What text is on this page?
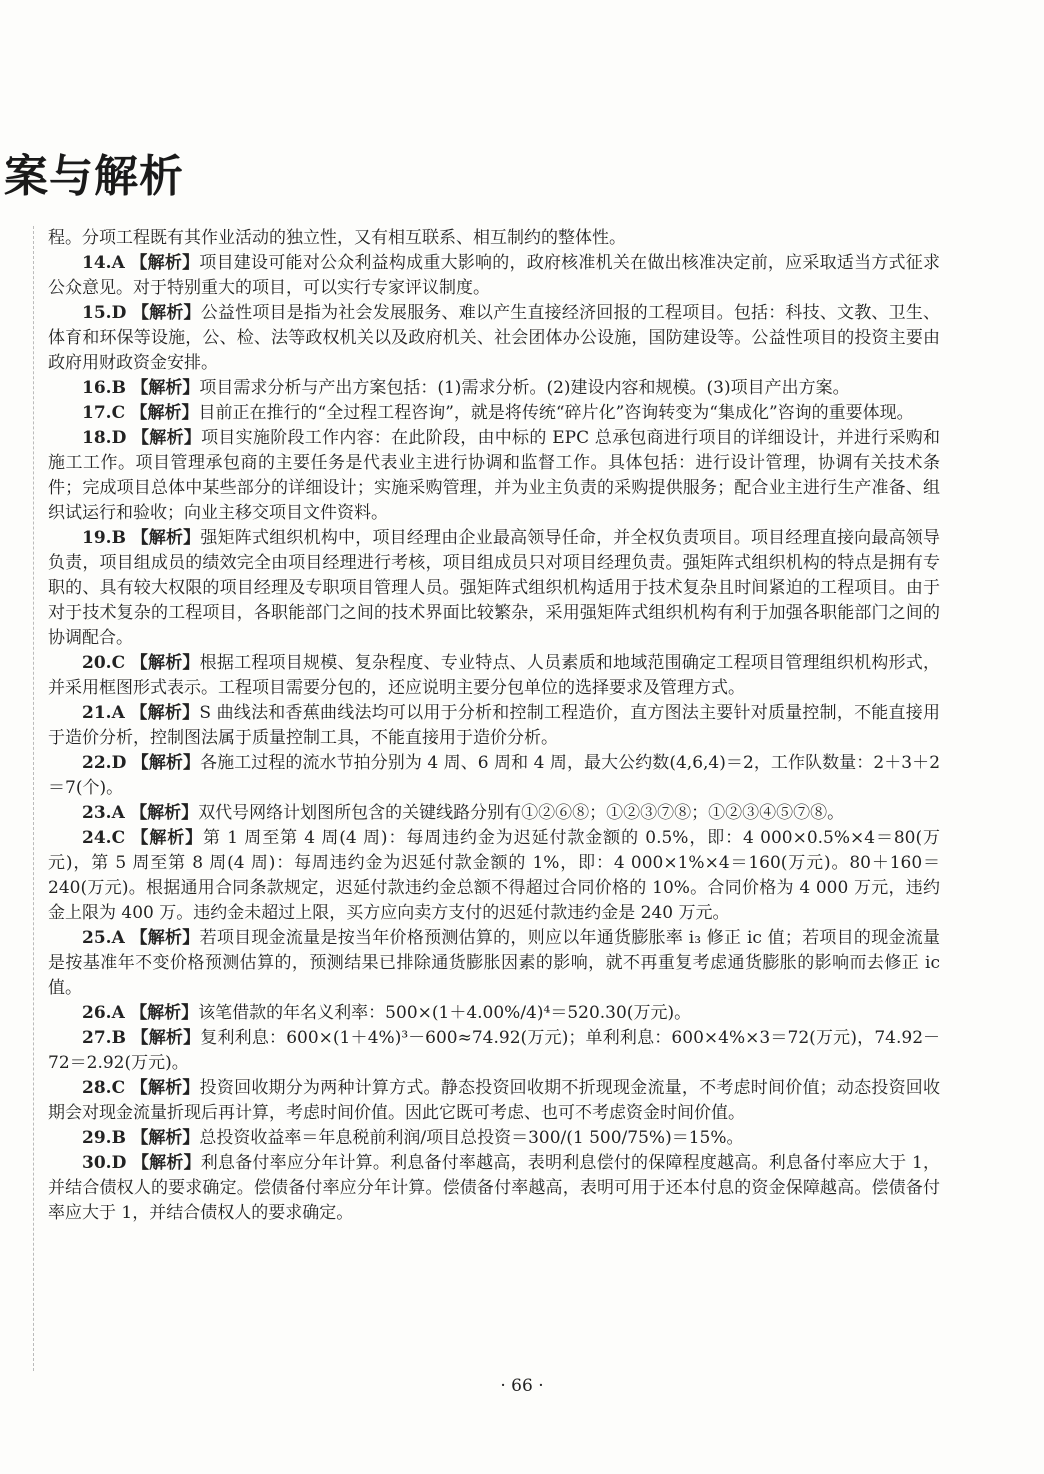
案与解析

程。分项工程既有其作业活动的独立性，又有相互联系、相互制约的整体性。

14.A 【解析】项目建设可能对公众利益构成重大影响的，政府核准机关在做出核准决定前，应采取适当方式征求公众意见。对于特别重大的项目，可以实行专家评议制度。

15.D 【解析】公益性项目是指为社会发展服务、难以产生直接经济回报的工程项目。包括：科技、文教、卫生、体育和环保等设施，公、检、法等政权机关以及政府机关、社会团体办公设施，国防建设等。公益性项目的投资主要由政府用财政资金安排。

16.B 【解析】项目需求分析与产出方案包括：(1)需求分析。(2)建设内容和规模。(3)项目产出方案。

17.C 【解析】目前正在推行的“全过程工程咨询”，就是将传统“碎片化”咨询转变为“集成化”咨询的重要体现。

18.D 【解析】项目实施阶段工作内容：在此阶段，由中标的 EPC 总承包商进行项目的详细设计，并进行采购和施工工作。项目管理承包商的主要任务是代表业主进行协调和监督工作。具体包括：进行设计管理，协调有关技术条件；完成项目总体中某些部分的详细设计；实施采购管理，并为业主负责的采购提供服务；配合业主进行生产准备、组织试运行和验收；向业主移交项目文件资料。

19.B 【解析】强矩阵式组织机构中，项目经理由企业最高领导任命，并全权负责项目。项目经理直接向最高领导负责，项目组成员的绩效完全由项目经理进行考核，项目组成员只对项目经理负责。强矩阵式组织机构的特点是拥有专职的、具有较大权限的项目经理及专职项目管理人员。强矩阵式组织机构适用于技术复杂且时间紧迫的工程项目。由于对于技术复杂的工程项目，各职能部门之间的技术界面比较繁杂，采用强矩阵式组织机构有利于加强各职能部门之间的协调配合。

20.C 【解析】根据工程项目规模、复杂程度、专业特点、人员素质和地域范围确定工程项目管理组织机构形式，并采用框图形式表示。工程项目需要分包的，还应说明主要分包单位的选择要求及管理方式。

21.A 【解析】S 曲线法和香蕉曲线法均可以用于分析和控制工程造价，直方图法主要针对质量控制，不能直接用于造价分析，控制图法属于质量控制工具，不能直接用于造价分析。

22.D 【解析】各施工过程的流水节拍分别为 4 周、6 周和 4 周，最大公约数(4,6,4)＝2，工作队数量：2＋3＋2＝7(个)。

23.A 【解析】双代号网络计划图所包含的关键线路分别有①②⑥⑧；①②③⑦⑧；①②③④⑤⑦⑧。

24.C 【解析】第 1 周至第 4 周(4 周)：每周违约金为迟延付款金额的 0.5%，即：4 000×0.5%×4＝80(万元)，第 5 周至第 8 周(4 周)：每周违约金为迟延付款金额的 1%，即：4 000×1%×4＝160(万元)。80＋160＝240(万元)。根据通用合同条款规定，迟延付款违约金总额不得超过合同价格的 10%。合同价格为 4 000 万元，违约金上限为 400 万。违约金未超过上限，买方应向卖方支付的迟延付款违约金是 240 万元。

25.A 【解析】若项目现金流量是按当年价格预测估算的，则应以年通货膨胀率 i₃ 修正 ic 值；若项目的现金流量是按基准年不变价格预测估算的，预测结果已排除通货膨胀因素的影响，就不再重复考虑通货膨胀的影响而去修正 ic 值。

26.A 【解析】该笔借款的年名义利率：500×(1＋4.00%/4)⁴＝520.30(万元)。

27.B 【解析】复利利息：600×(1＋4%)³－600≈74.92(万元)；单利利息：600×4%×3＝72(万元)，74.92－72＝2.92(万元)。

28.C 【解析】投资回收期分为两种计算方式。静态投资回收期不折现现金流量，不考虑时间价值；动态投资回收期会对现金流量折现后再计算，考虑时间价值。因此它既可考虑、也可不考虑资金时间价值。

29.B 【解析】总投资收益率＝年息税前利润/项目总投资＝300/(1 500/75%)＝15%。

30.D 【解析】利息备付率应分年计算。利息备付率越高，表明利息偿付的保障程度越高。利息备付率应大于 1，并结合债权人的要求确定。偿债备付率应分年计算。偿债备付率越高，表明可用于还本付息的资金保障越高。偿债备付率应大于 1，并结合债权人的要求确定。

· 66 ·
